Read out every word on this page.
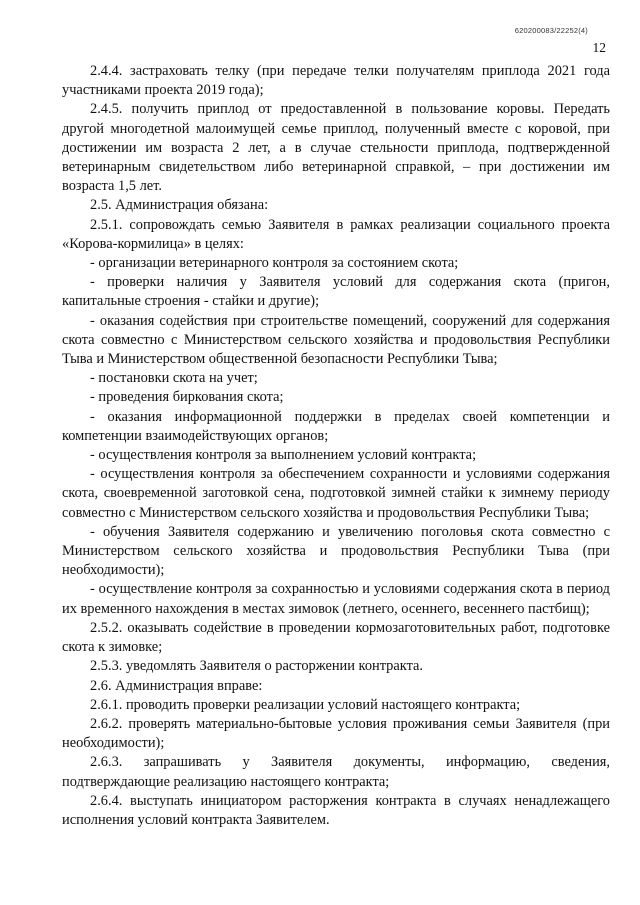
620200083/22252(4)
12

2.4.4. застраховать телку (при передаче телки получателям приплода 2021 года участниками проекта 2019 года);

2.4.5. получить приплод от предоставленной в пользование коровы. Передать другой многодетной малоимущей семье приплод, полученный вместе с коровой, при достижении им возраста 2 лет, а в случае стельности приплода, подтвержденной ветеринарным свидетельством либо ветеринарной справкой, – при достижении им возраста 1,5 лет.

2.5. Администрация обязана:

2.5.1. сопровождать семью Заявителя в рамках реализации социального проекта «Корова-кормилица» в целях:

- организации ветеринарного контроля за состоянием скота;

- проверки наличия у Заявителя условий для содержания скота (пригон, капитальные строения - стайки и другие);

- оказания содействия при строительстве помещений, сооружений для содержания скота совместно с Министерством сельского хозяйства и продовольствия Республики Тыва и Министерством общественной безопасности Республики Тыва;

- постановки скота на учет;

- проведения биркования скота;

- оказания информационной поддержки в пределах своей компетенции и компетенции взаимодействующих органов;

- осуществления контроля за выполнением условий контракта;

- осуществления контроля за обеспечением сохранности и условиями содержания скота, своевременной заготовкой сена, подготовкой зимней стайки к зимнему периоду совместно с Министерством сельского хозяйства и продовольствия Республики Тыва;

- обучения Заявителя содержанию и увеличению поголовья скота совместно с Министерством сельского хозяйства и продовольствия Республики Тыва (при необходимости);

- осуществление контроля за сохранностью и условиями содержания скота в период их временного нахождения в местах зимовок (летнего, осеннего, весеннего пастбищ);

2.5.2. оказывать содействие в проведении кормозаготовительных работ, подготовке скота к зимовке;

2.5.3. уведомлять Заявителя о расторжении контракта.

2.6. Администрация вправе:

2.6.1. проводить проверки реализации условий настоящего контракта;

2.6.2. проверять материально-бытовые условия проживания семьи Заявителя (при необходимости);

2.6.3. запрашивать у Заявителя документы, информацию, сведения, подтверждающие реализацию настоящего контракта;

2.6.4. выступать инициатором расторжения контракта в случаях ненадлежащего исполнения условий контракта Заявителем.
